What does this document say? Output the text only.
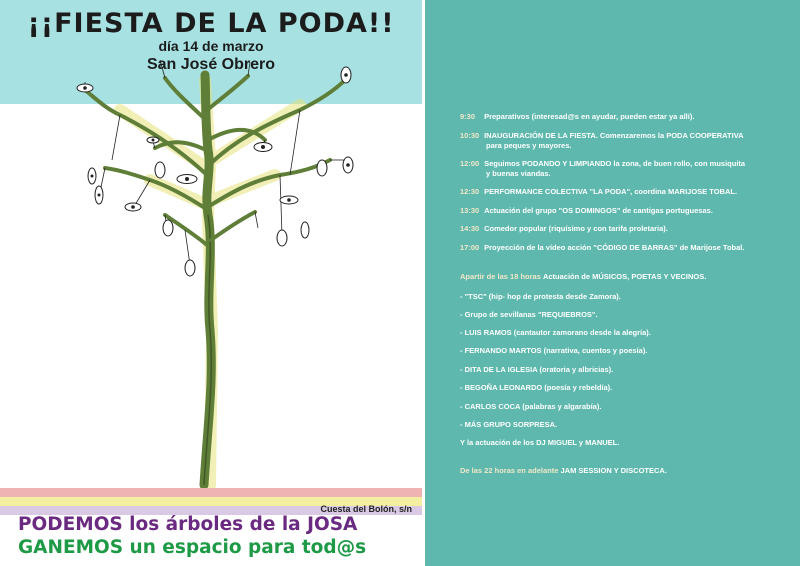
¡¡FIESTA DE LA PODA!!
día 14 de marzo
San José Obrero
Cuesta del Bolón, s/n
PODEMOS los árboles de la JOSA
GANEMOS un espacio para tod@s
9:30 Preparativos (interesad@s en ayudar, pueden estar ya allí).
10:30 INAUGURACIÓN DE LA FIESTA. Comenzaremos la PODA COOPERATIVA
para peques y mayores.
12:00 Seguimos PODANDO Y LIMPIANDO la zona, de buen rollo, con musiquita
y buenas viandas.
12:30 PERFORMANCE COLECTIVA "LA PODA", coordina MARIJOSE TOBAL.
13:30 Actuación del grupo "OS DOMINGOS" de cantigas portuguesas.
14:30 Comedor popular (riquísimo y con tarifa proletaria).
17:00 Proyección de la vídeo acción "CÓDIGO DE BARRAS" de Marijose Tobal.
Apartir de las 18 horas Actuación de MÚSICOS, POETAS Y VECINOS.
- "TSC" (hip- hop de protesta desde Zamora).
- Grupo de sevillanas "REQUIEBROS".
- LUIS RAMOS (cantautor zamorano desde la alegría).
- FERNANDO MARTOS (narrativa, cuentos y poesía).
- DITA DE LA IGLESIA (oratoria y albricias).
- BEGOÑA LEONARDO (poesía y rebeldía).
- CARLOS COCA (palabras y algarabía).
- MÁS GRUPO SORPRESA.
Y la actuación de los DJ MIGUEL y MANUEL.
De las 22 horas en adelante JAM SESSION Y DISCOTECA.
